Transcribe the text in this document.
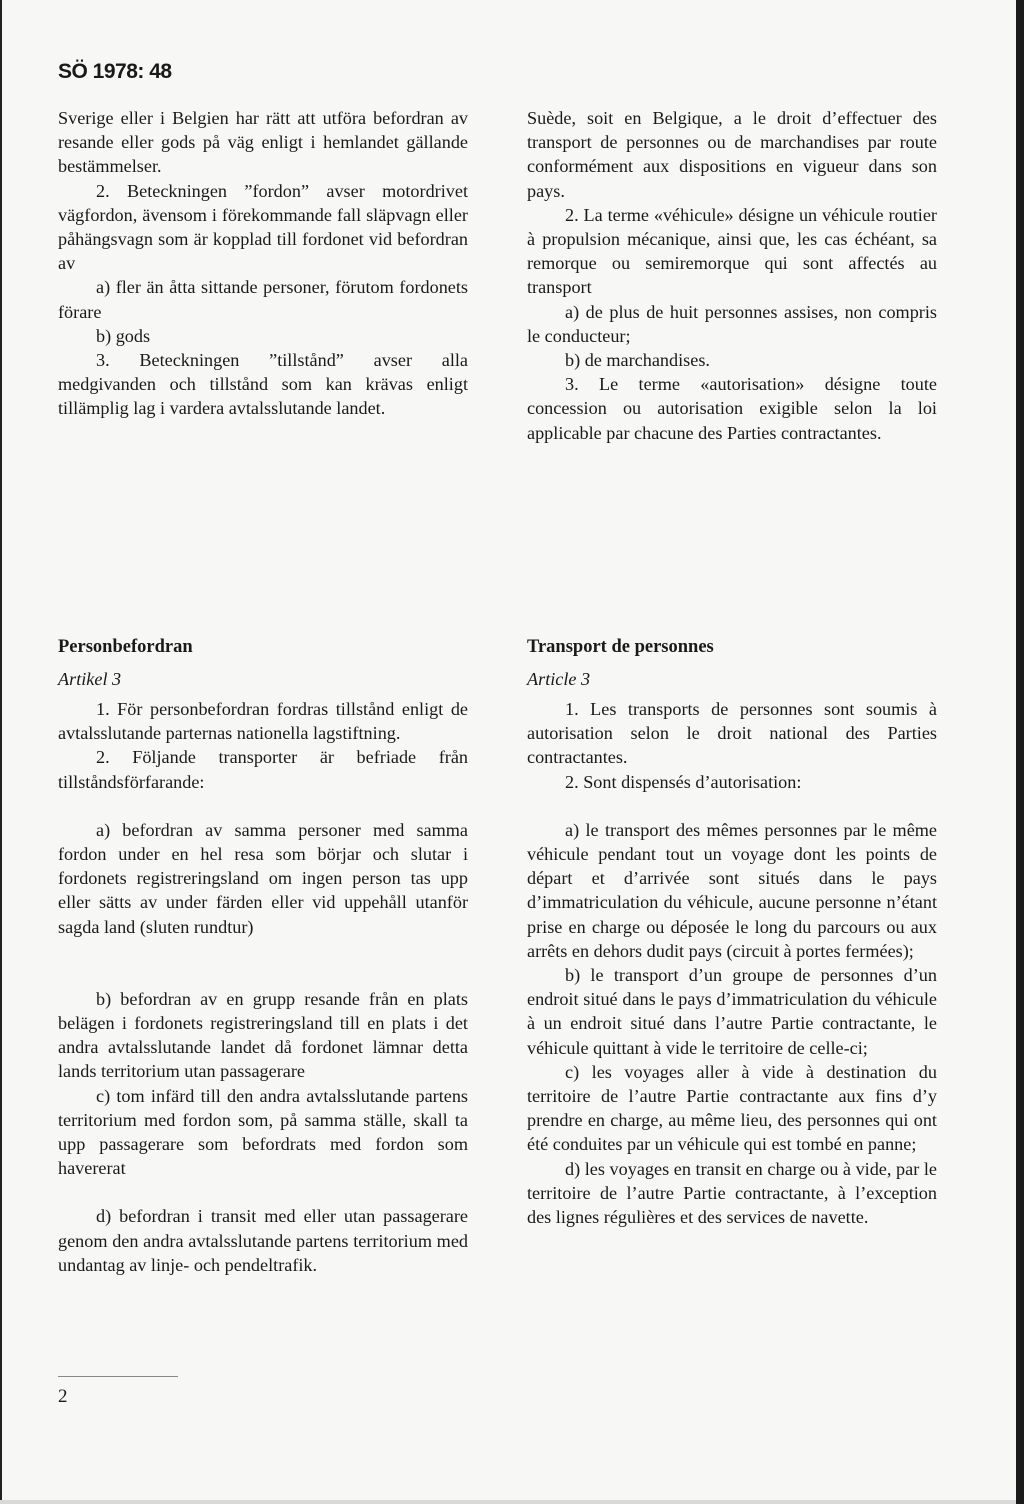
SÖ 1978: 48

Sverige eller i Belgien har rätt att utföra befordran av resande eller gods på väg enligt i hemlandet gällande bestämmelser.

2. Beteckningen ”fordon” avser motordrivet vägfordon, ävensom i förekommande fall släpvagn eller påhängsvagn som är kopplad till fordonet vid befordran av

a) fler än åtta sittande personer, förutom fordonets förare

b) gods

3. Beteckningen ”tillstånd” avser alla medgivanden och tillstånd som kan krävas enligt tillämplig lag i vardera avtalsslutande landet.

Suède, soit en Belgique, a le droit d’effectuer des transport de personnes ou de marchandises par route conformément aux dispositions en vigueur dans son pays.

2. La terme «véhicule» désigne un véhicule routier à propulsion mécanique, ainsi que, les cas échéant, sa remorque ou semiremorque qui sont affectés au transport

a) de plus de huit personnes assises, non compris le conducteur;

b) de marchandises.

3. Le terme «autorisation» désigne toute concession ou autorisation exigible selon la loi applicable par chacune des Parties contractantes.

Personbefordran	Transport de personnes
Artikel 3	Article 3

1. För personbefordran fordras tillstånd enligt de avtalsslutande parternas nationella lagstiftning.

2. Följande transporter är befriade från tillståndsförfarande:

a) befordran av samma personer med samma fordon under en hel resa som börjar och slutar i fordonets registreringsland om ingen person tas upp eller sätts av under färden eller vid uppehåll utanför sagda land (sluten rundtur)

b) befordran av en grupp resande från en plats belägen i fordonets registreringsland till en plats i det andra avtalsslutande landet då fordonet lämnar detta lands territorium utan passagerare

c) tom infärd till den andra avtalsslutande partens territorium med fordon som, på samma ställe, skall ta upp passagerare som befordrats med fordon som havererat

d) befordran i transit med eller utan passagerare genom den andra avtalsslutande partens territorium med undantag av linje- och pendeltrafik.

1. Les transports de personnes sont soumis à autorisation selon le droit national des Parties contractantes.

2. Sont dispensés d’autorisation:

a) le transport des mêmes personnes par le même véhicule pendant tout un voyage dont les points de départ et d’arrivée sont situés dans le pays d’immatriculation du véhicule, aucune personne n’étant prise en charge ou déposée le long du parcours ou aux arrêts en dehors dudit pays (circuit à portes fermées);

b) le transport d’un groupe de personnes d’un endroit situé dans le pays d’immatriculation du véhicule à un endroit situé dans l’autre Partie contractante, le véhicule quittant à vide le territoire de celle-ci;

c) les voyages aller à vide à destination du territoire de l’autre Partie contractante aux fins d’y prendre en charge, au même lieu, des personnes qui ont été conduites par un véhicule qui est tombé en panne;

d) les voyages en transit en charge ou à vide, par le territoire de l’autre Partie contractante, à l’exception des lignes régulières et des services de navette.

2
